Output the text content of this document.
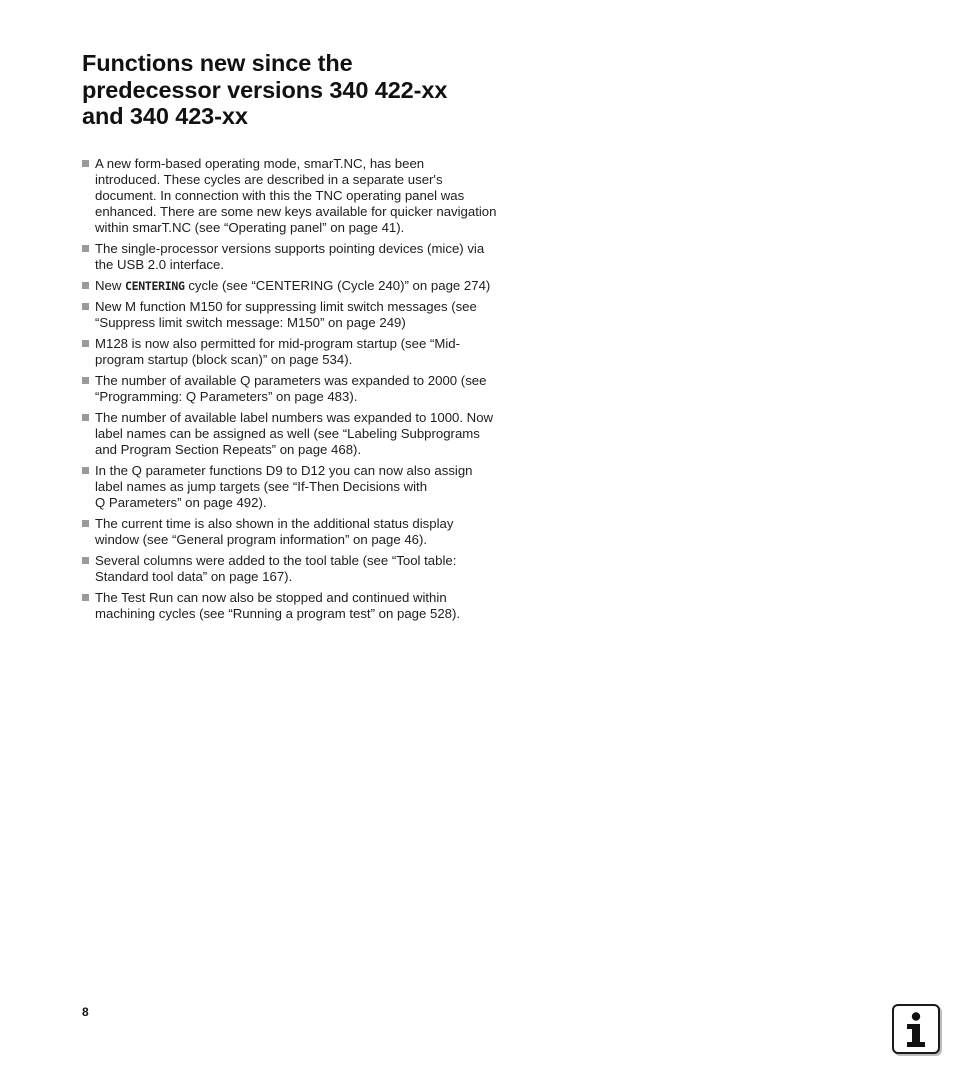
Functions new since the
predecessor versions 340 422-xx
and 340 423-xx
A new form-based operating mode, smarT.NC, has been
introduced. These cycles are described in a separate user's
document. In connection with this the TNC operating panel was
enhanced. There are some new keys available for quicker navigation
within smarT.NC (see “Operating panel” on page 41).
The single-processor versions supports pointing devices (mice) via
the USB 2.0 interface.
New CENTERING cycle (see “CENTERING (Cycle 240)” on page 274)
New M function M150 for suppressing limit switch messages (see
“Suppress limit switch message: M150” on page 249)
M128 is now also permitted for mid-program startup (see “Mid-
program startup (block scan)” on page 534).
The number of available Q parameters was expanded to 2000 (see
“Programming: Q Parameters” on page 483).
The number of available label numbers was expanded to 1000. Now
label names can be assigned as well (see “Labeling Subprograms
and Program Section Repeats” on page 468).
In the Q parameter functions D9 to D12 you can now also assign
label names as jump targets (see “If-Then Decisions with
Q Parameters” on page 492).
The current time is also shown in the additional status display
window (see “General program information” on page 46).
Several columns were added to the tool table (see “Tool table:
Standard tool data” on page 167).
The Test Run can now also be stopped and continued within
machining cycles (see “Running a program test” on page 528).
8
